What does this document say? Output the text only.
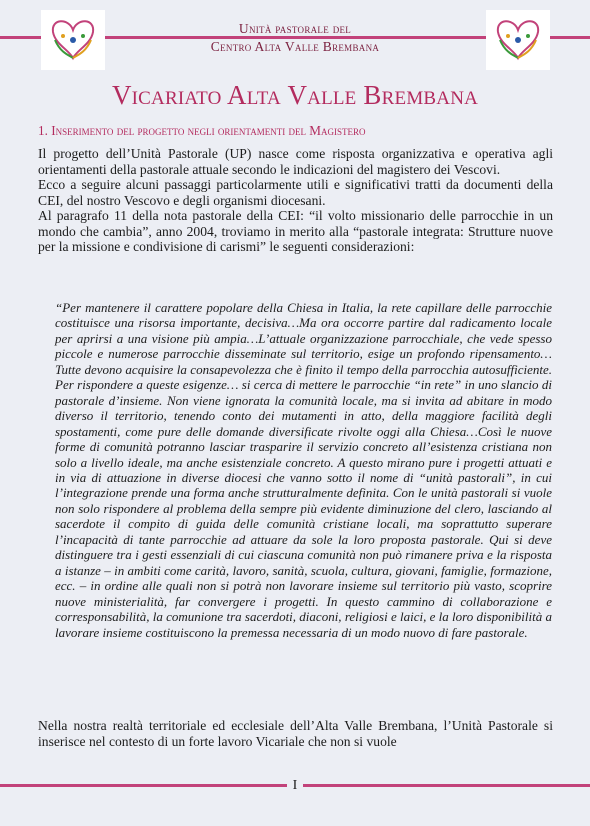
Unità pastorale del
Centro Alta Valle Brembana
Vicariato Alta Valle Brembana
1. Inserimento del progetto negli orientamenti del Magistero

Il progetto dell’Unità Pastorale (UP) nasce come risposta organizzativa e operativa agli orientamenti della pastorale attuale secondo le indicazioni del magistero dei Vescovi.

Ecco a seguire alcuni passaggi particolarmente utili e significativi tratti da documenti della CEI, del nostro Vescovo e degli organismi diocesani.

Al paragrafo 11 della nota pastorale della CEI: “il volto missionario delle parrocchie in un mondo che cambia”, anno 2004, troviamo in merito alla “pastorale integrata: Strutture nuove per la missione e condivisione di carismi” le seguenti considerazioni:

“Per mantenere il carattere popolare della Chiesa in Italia, la rete capillare delle parrocchie costituisce una risorsa importante, decisiva…Ma ora occorre partire dal radicamento locale per aprirsi a una visione più ampia…L’attuale organizzazione parrocchiale, che vede spesso piccole e numerose parrocchie disseminate sul territorio, esige un profondo ripensamento…Tutte devono acquisire la consapevolezza che è finito il tempo della parrocchia autosufficiente. Per rispondere a queste esigenze… si cerca di mettere le parrocchie “in rete” in uno slancio di pastorale d’insieme. Non viene ignorata la comunità locale, ma si invita ad abitare in modo diverso il territorio, tenendo conto dei mutamenti in atto, della maggiore facilità degli spostamenti, come pure delle domande diversificate rivolte oggi alla Chiesa…Così le nuove forme di comunità potranno lasciar trasparire il servizio concreto all’esistenza cristiana non solo a livello ideale, ma anche esistenziale concreto. A questo mirano pure i progetti attuati e in via di attuazione in diverse diocesi che vanno sotto il nome di “unità pastorali”, in cui l’integrazione prende una forma anche strutturalmente definita. Con le unità pastorali si vuole non solo rispondere al problema della sempre più evidente diminuzione del clero, lasciando al sacerdote il compito di guida delle comunità cristiane locali, ma soprattutto superare l’incapacità di tante parrocchie ad attuare da sole la loro proposta pastorale. Qui si deve distinguere tra i gesti essenziali di cui ciascuna comunità non può rimanere priva e la risposta a istanze – in ambiti come carità, lavoro, sanità, scuola, cultura, giovani, famiglie, formazione, ecc. – in ordine alle quali non si potrà non lavorare insieme sul territorio più vasto, scoprire nuove ministerialità, far convergere i progetti. In questo cammino di collaborazione e corresponsabilità, la comunione tra sacerdoti, diaconi, religiosi e laici, e la loro disponibilità a lavorare insieme costituiscono la premessa necessaria di un modo nuovo di fare pastorale.
Nella nostra realtà territoriale ed ecclesiale dell’Alta Valle Brembana, l’Unità Pastorale si inserisce nel contesto di un forte lavoro Vicariale che non si vuole
I
